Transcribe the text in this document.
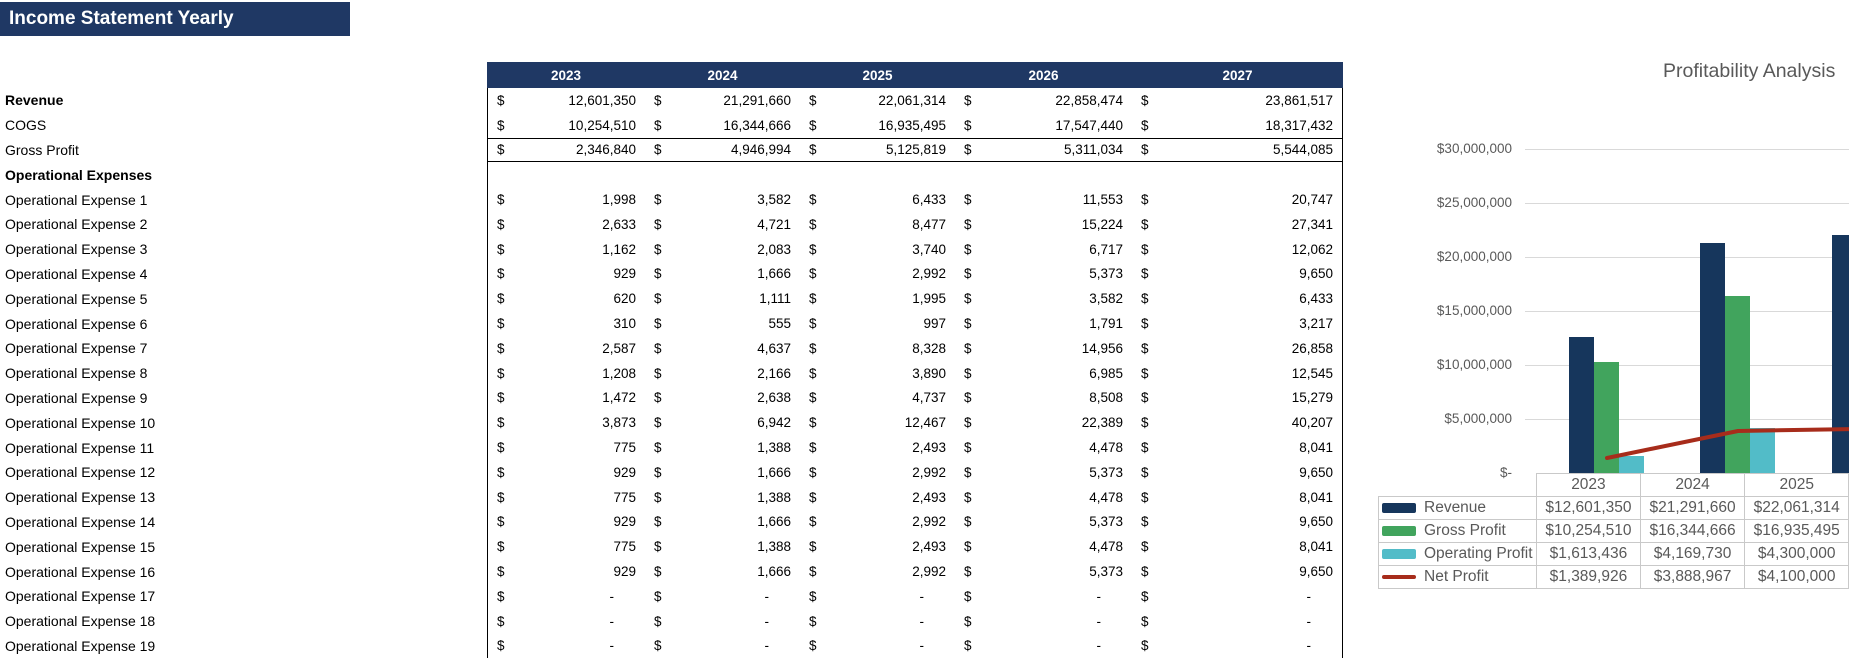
Income Statement Yearly
2023	2024	2025	2026	2027
Revenue	$	12,601,350 $	21,291,660 $	22,061,314 $	22,858,474 $	23,861,517
COGS	$	10,254,510 $	16,344,666 $	16,935,495 $	17,547,440 $	18,317,432
Gross Profit	$	2,346,840 $	4,946,994 $	5,125,819 $	5,311,034 $	5,544,085
Operational Expenses
Operational Expense 1	$	1,998 $	3,582 $	6,433 $	11,553 $	20,747
Operational Expense 2	$	2,633 $	4,721 $	8,477 $	15,224 $	27,341
Operational Expense 3	$	1,162 $	2,083 $	3,740 $	6,717 $	12,062
Operational Expense 4	$	929 $	1,666 $	2,992 $	5,373 $	9,650
Operational Expense 5	$	620 $	1,111 $	1,995 $	3,582 $	6,433
Operational Expense 6	$	310 $	555 $	997 $	1,791 $	3,217
Operational Expense 7	$	2,587 $	4,637 $	8,328 $	14,956 $	26,858
Operational Expense 8	$	1,208 $	2,166 $	3,890 $	6,985 $	12,545
Operational Expense 9	$	1,472 $	2,638 $	4,737 $	8,508 $	15,279
Operational Expense 10	$	3,873 $	6,942 $	12,467 $	22,389 $	40,207
Operational Expense 11	$	775 $	1,388 $	2,493 $	4,478 $	8,041
Operational Expense 12	$	929 $	1,666 $	2,992 $	5,373 $	9,650
Operational Expense 13	$	775 $	1,388 $	2,493 $	4,478 $	8,041
Operational Expense 14	$	929 $	1,666 $	2,992 $	5,373 $	9,650
Operational Expense 15	$	775 $	1,388 $	2,493 $	4,478 $	8,041
Operational Expense 16	$	929 $	1,666 $	2,992 $	5,373 $	9,650
Operational Expense 17	$	-	$	-	$	-	$	-	$	-
Operational Expense 18	$	-	$	-	$	-	$	-	$	-
Operational Expense 19	$	-	$	-	$	-	$	-	$	-
Profitability Analysis
$30,000,000
$25,000,000
$20,000,000
$15,000,000
$10,000,000
$5,000,000
$-
	2023	2024	2025
Revenue	$12,601,350	$21,291,660	$22,061,314
Gross Profit	$10,254,510	$16,344,666	$16,935,495
Operating Profit	$1,613,436	$4,169,730	$4,300,000
Net Profit	$1,389,926	$3,888,967	$4,100,000
